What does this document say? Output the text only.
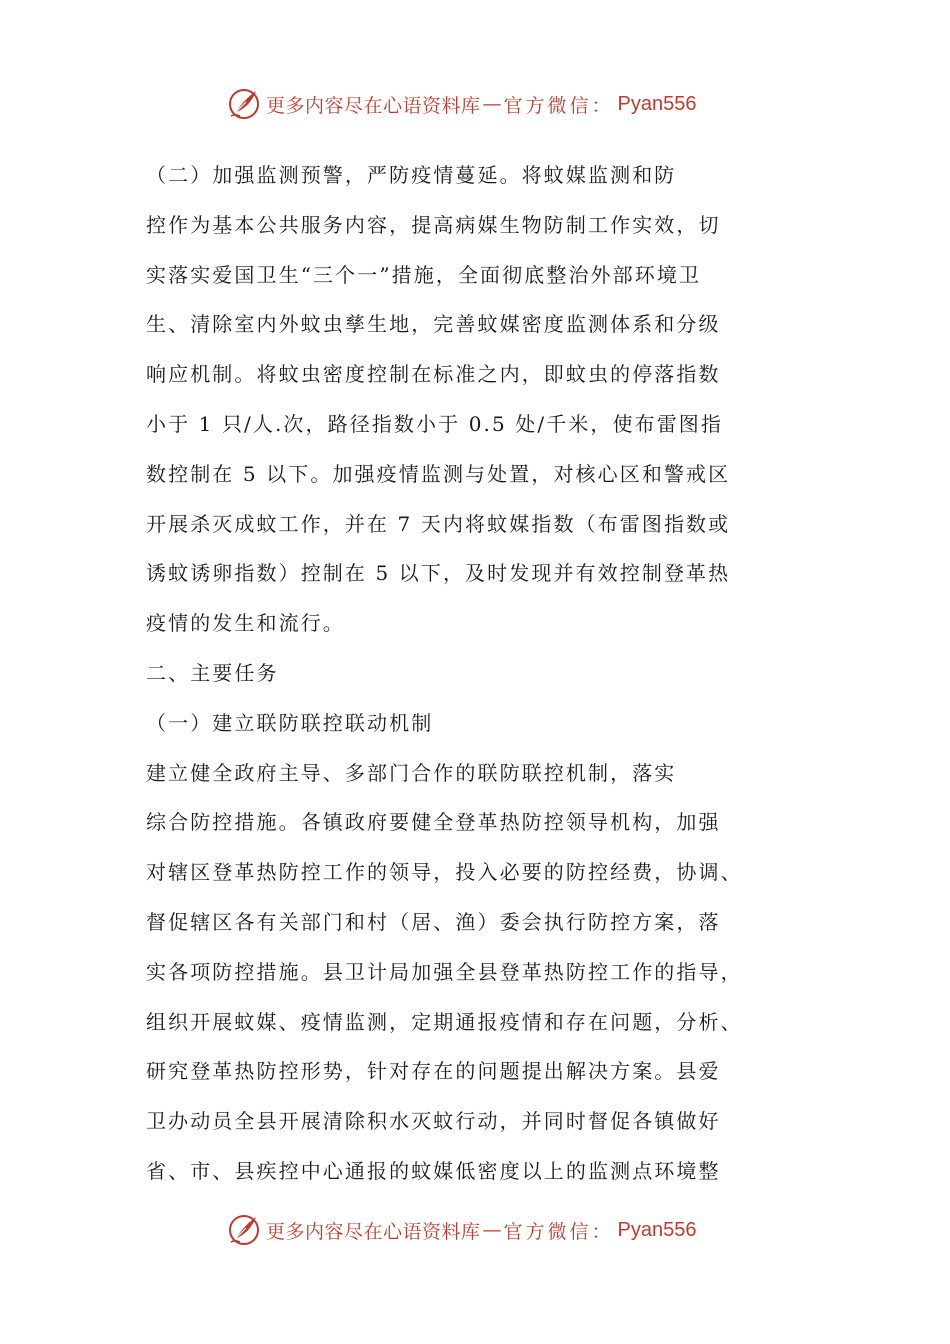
更多内容尽在心语资料库 — 官方微信： Pyan556
（二）加强监测预警，严防疫情蔓延。将蚊媒监测和防
控作为基本公共服务内容，提高病媒生物防制工作实效，切
实落实爱国卫生“三个一”措施，全面彻底整治外部环境卫
生、清除室内外蚊虫孳生地，完善蚊媒密度监测体系和分级
响应机制。将蚊虫密度控制在标准之内，即蚊虫的停落指数
小于 1 只/人.次，路径指数小于 0.5 处/千米，使布雷图指
数控制在 5 以下。加强疫情监测与处置，对核心区和警戒区
开展杀灭成蚊工作，并在 7 天内将蚊媒指数（布雷图指数或
诱蚊诱卵指数）控制在 5 以下，及时发现并有效控制登革热
疫情的发生和流行。
二、主要任务
（一）建立联防联控联动机制
建立健全政府主导、多部门合作的联防联控机制，落实
综合防控措施。各镇政府要健全登革热防控领导机构，加强
对辖区登革热防控工作的领导，投入必要的防控经费，协调、
督促辖区各有关部门和村（居、渔）委会执行防控方案，落
实各项防控措施。县卫计局加强全县登革热防控工作的指导，
组织开展蚊媒、疫情监测，定期通报疫情和存在问题，分析、
研究登革热防控形势，针对存在的问题提出解决方案。县爱
卫办动员全县开展清除积水灭蚊行动，并同时督促各镇做好
省、市、县疾控中心通报的蚊媒低密度以上的监测点环境整
更多内容尽在心语资料库 — 官方微信： Pyan556
